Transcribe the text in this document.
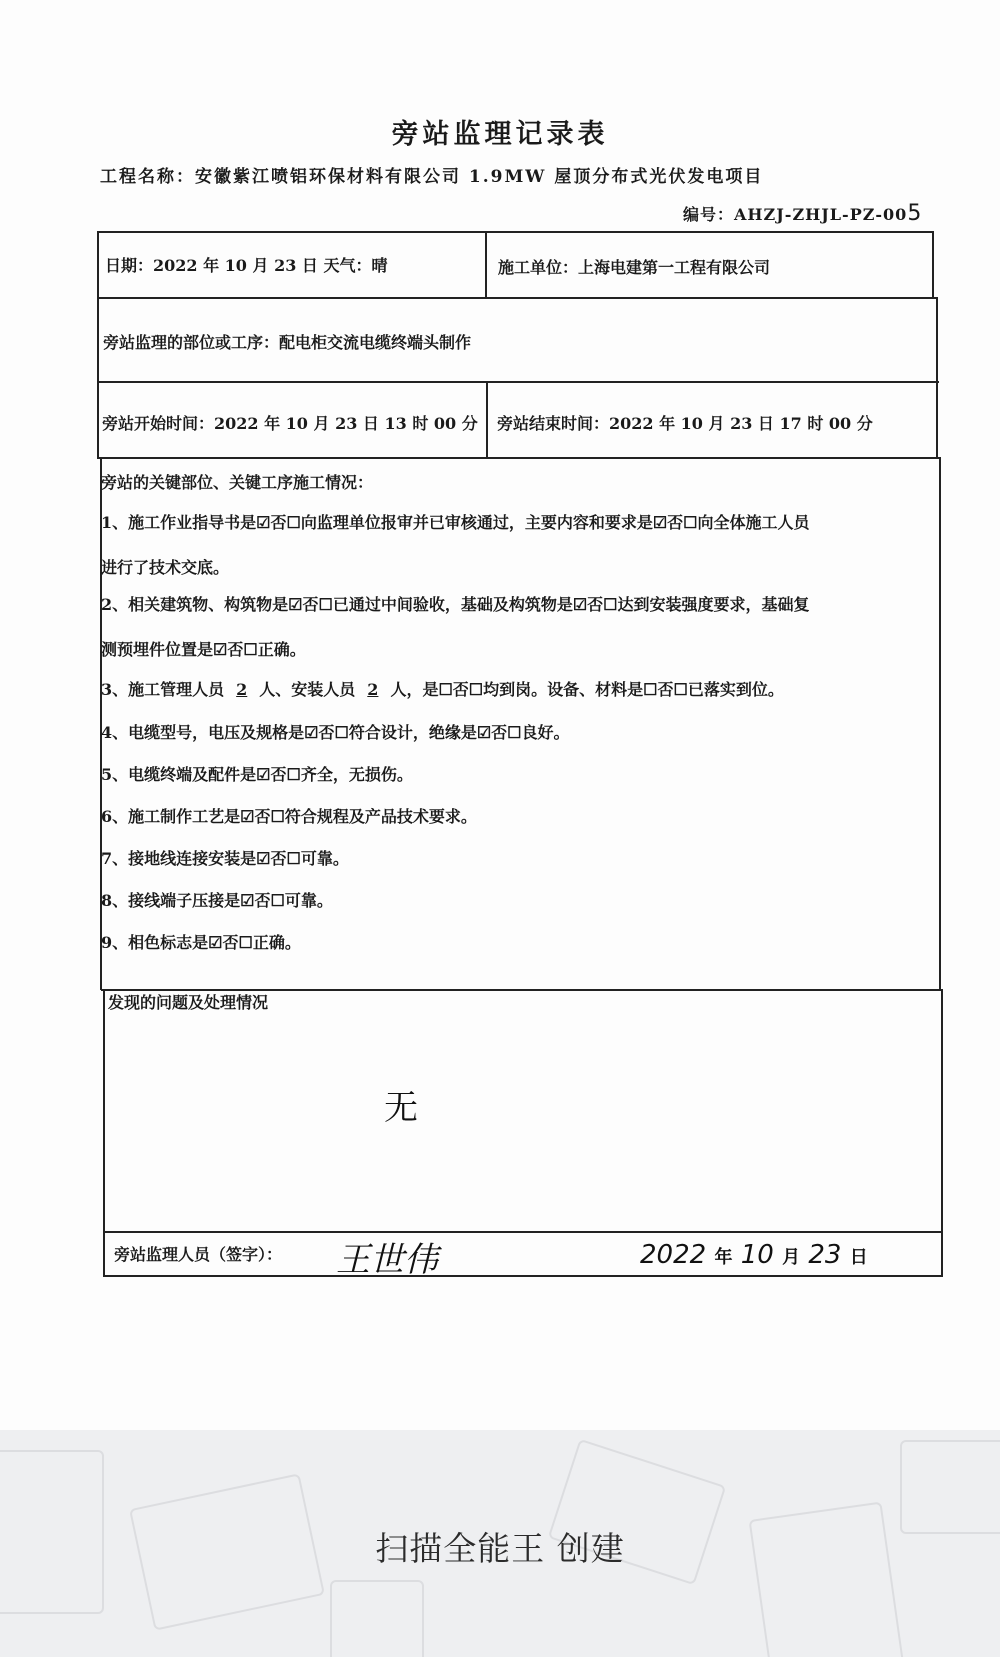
旁站监理记录表
工程名称：安徽紫江喷铝环保材料有限公司 1.9MW 屋顶分布式光伏发电项目
编号：AHZJ-ZHJL-PZ-005
日期：2022 年 10 月 23 日 天气：晴	施工单位：上海电建第一工程有限公司
旁站监理的部位或工序：配电柜交流电缆终端头制作
旁站开始时间：2022 年 10 月 23 日 13 时 00 分 旁站结束时间：2022 年 10 月 23 日 17 时 00 分
旁站的关键部位、关键工序施工情况：
1、施工作业指导书是☑否☐向监理单位报审并已审核通过，主要内容和要求是☑否☐向全体施工人员
进行了技术交底。
2、相关建筑物、构筑物是☑否☐已通过中间验收，基础及构筑物是☑否☐达到安装强度要求，基础复
测预埋件位置是☑否☐正确。
3、施工管理人员 2 人、安装人员 2 人，是☐否☐均到岗。设备、材料是☐否☐已落实到位。
4、电缆型号，电压及规格是☑否☐符合设计，绝缘是☑否☐良好。
5、电缆终端及配件是☑否☐齐全，无损伤。
6、施工制作工艺是☑否☐符合规程及产品技术要求。
7、接地线连接安装是☑否☐可靠。
8、接线端子压接是☑否☐可靠。
9、相色标志是☑否☐正确。
发现的问题及处理情况
无
旁站监理人员（签字）： 王世伟	2022 年 10 月 23 日
扫描全能王 创建
